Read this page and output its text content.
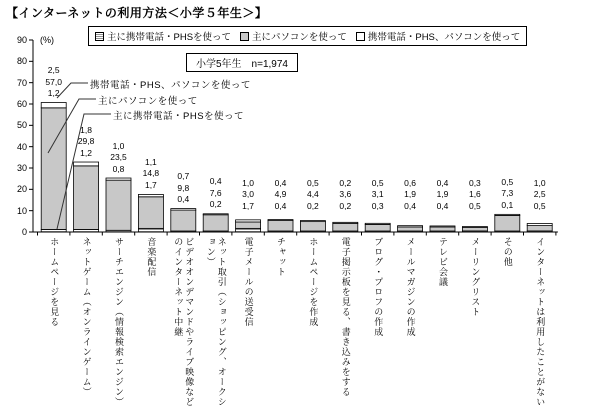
【インターネットの利用方法＜小学５年生＞】
主に携帯電話・PHSを使って 主にパソコンを使って 携帯電話・PHS、パソコンを使って
小学5年生　n=1,974
(%)
携帯電話・PHS、パソコンを使って
主にパソコンを使って
主に携帯電話・PHSを使って
0
10
20
30
40
50
60
70
80
90
2,5
57,0
1,2
1,8
29,8
1,2
1,0
23,5
0,8
1,1
14,8
1,7
0,7
9,8
0,4
0,4
7,6
0,2
1,0
3,0
1,7
0,4
4,9
0,4
0,5
4,4
0,2
0,2
3,6
0,2
0,5
3,1
0,3
0,6
1,9
0,4
0,4
1,9
0,4
0,3
1,6
0,5
0,5
7,3
0,1
1,0
2,5
0,5
ホームページを見る ネットゲーム（オンラインゲーム） サーチエンジン（情報検索エンジン） 音楽配信	ビデオオンデマンドやライブ映像などのインターネット中継	ネット取引（ショッピング、オークション）	電子メールの送受信 チャット ホームページを作成 電子掲示板を見る、書き込みをする ブログ・プロフの作成 メールマガジンの作成 テレビ会議 メーリングリスト その他 インターネットは利用したことがない
